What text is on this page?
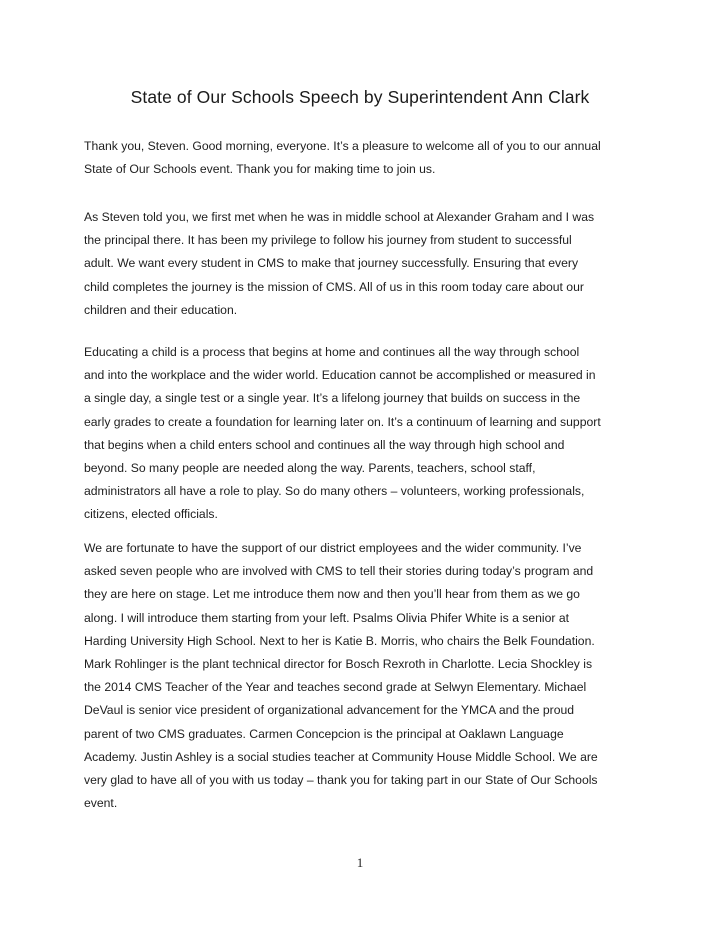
State of Our Schools Speech by Superintendent Ann Clark

Thank you, Steven. Good morning, everyone. It’s a pleasure to welcome all of you to our annual
State of Our Schools event. Thank you for making time to join us.

As Steven told you, we first met when he was in middle school at Alexander Graham and I was
the principal there. It has been my privilege to follow his journey from student to successful
adult. We want every student in CMS to make that journey successfully. Ensuring that every
child completes the journey is the mission of CMS. All of us in this room today care about our
children and their education.

Educating a child is a process that begins at home and continues all the way through school
and into the workplace and the wider world. Education cannot be accomplished or measured in
a single day, a single test or a single year. It’s a lifelong journey that builds on success in the
early grades to create a foundation for learning later on. It’s a continuum of learning and support
that begins when a child enters school and continues all the way through high school and
beyond. So many people are needed along the way. Parents, teachers, school staff,
administrators all have a role to play. So do many others – volunteers, working professionals,
citizens, elected officials.

We are fortunate to have the support of our district employees and the wider community. I’ve
asked seven people who are involved with CMS to tell their stories during today’s program and
they are here on stage. Let me introduce them now and then you’ll hear from them as we go
along. I will introduce them starting from your left. Psalms Olivia Phifer White is a senior at
Harding University High School. Next to her is Katie B. Morris, who chairs the Belk Foundation.
Mark Rohlinger is the plant technical director for Bosch Rexroth in Charlotte. Lecia Shockley is
the 2014 CMS Teacher of the Year and teaches second grade at Selwyn Elementary. Michael
DeVaul is senior vice president of organizational advancement for the YMCA and the proud
parent of two CMS graduates. Carmen Concepcion is the principal at Oaklawn Language
Academy. Justin Ashley is a social studies teacher at Community House Middle School. We are
very glad to have all of you with us today – thank you for taking part in our State of Our Schools
event.

1
